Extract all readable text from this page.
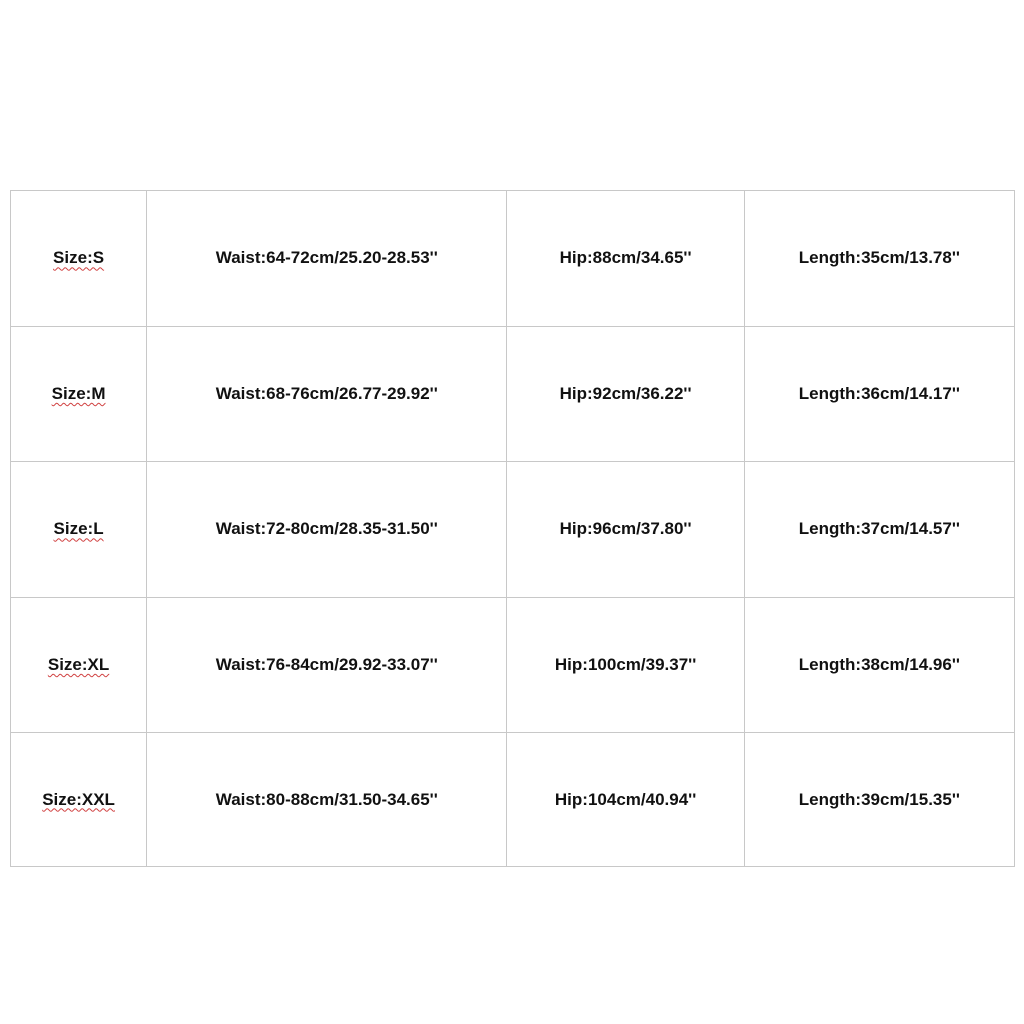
Size:S	Waist:64-72cm/25.20-28.53''	Hip:88cm/34.65''	Length:35cm/13.78''
Size:M	Waist:68-76cm/26.77-29.92''	Hip:92cm/36.22''	Length:36cm/14.17''
Size:L	Waist:72-80cm/28.35-31.50''	Hip:96cm/37.80''	Length:37cm/14.57''
Size:XL	Waist:76-84cm/29.92-33.07''	Hip:100cm/39.37''	Length:38cm/14.96''
Size:XXL	Waist:80-88cm/31.50-34.65''	Hip:104cm/40.94''	Length:39cm/15.35''
